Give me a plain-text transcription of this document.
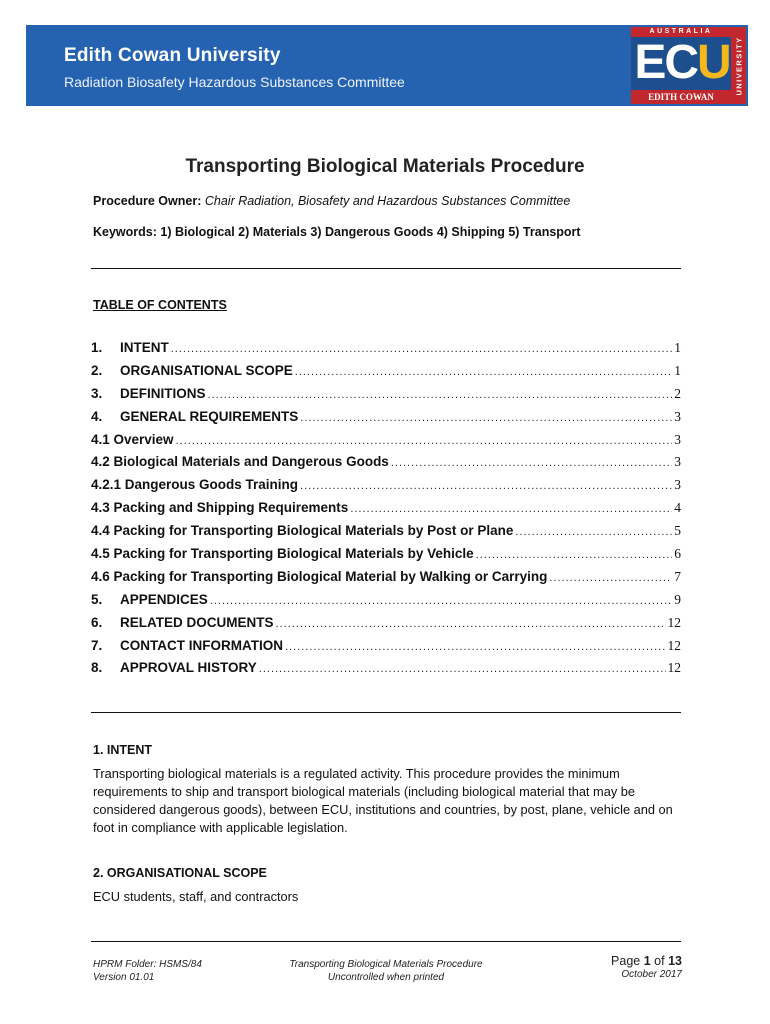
Edith Cowan University
Radiation Biosafety Hazardous Substances Committee
AUSTRALIA
ECU
EDITH COWAN
UNIVERSITY
Transporting Biological Materials Procedure
Procedure Owner: Chair Radiation, Biosafety and Hazardous Substances Committee
Keywords: 1) Biological 2) Materials 3) Dangerous Goods 4) Shipping 5) Transport
TABLE OF CONTENTS
1.	INTENT .....	1
2.	ORGANISATIONAL SCOPE .....	1
3.	DEFINITIONS .....	2
4.	GENERAL REQUIREMENTS .....	3
4.1 Overview .....	3
4.2 Biological Materials and Dangerous Goods .....	3
4.2.1 Dangerous Goods Training .....	3
4.3 Packing and Shipping Requirements .....	4
4.4 Packing for Transporting Biological Materials by Post or Plane .....	5
4.5 Packing for Transporting Biological Materials by Vehicle .....	6
4.6 Packing for Transporting Biological Material by Walking or Carrying .....	7
5.	APPENDICES .....	9
6.	RELATED DOCUMENTS .....	12
7.	CONTACT INFORMATION .....	12
8.	APPROVAL HISTORY .....	12
1. INTENT
Transporting biological materials is a regulated activity. This procedure provides the minimum requirements to ship and transport biological materials (including biological material that may be considered dangerous goods), between ECU, institutions and countries, by post, plane, vehicle and on foot in compliance with applicable legislation.
2. ORGANISATIONAL SCOPE
ECU students, staff, and contractors
HPRM Folder: HSMS/84
Version 01.01
Transporting Biological Materials Procedure
Uncontrolled when printed
Page 1 of 13
October 2017
